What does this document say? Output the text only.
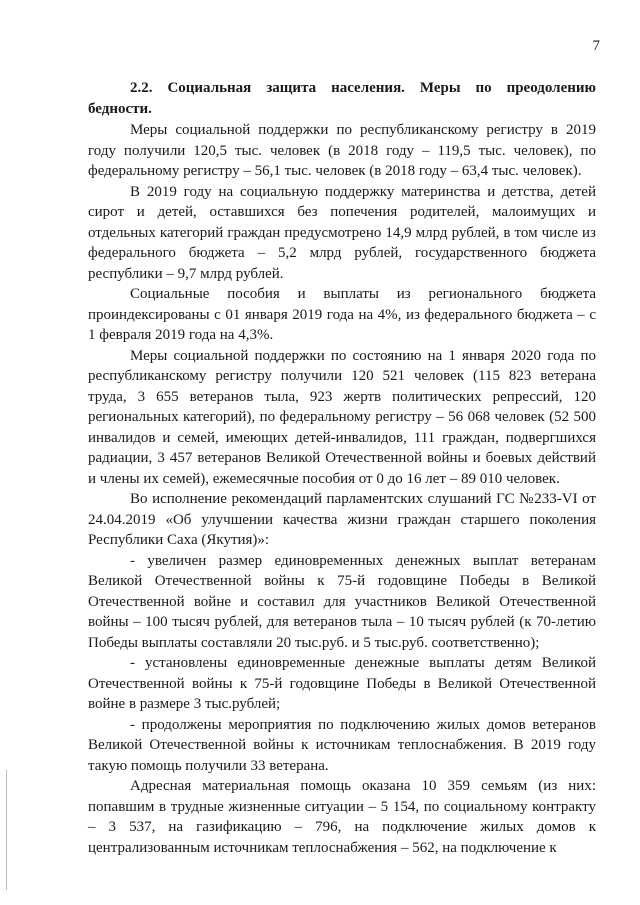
7

2.2. Социальная защита населения. Меры по преодолению бедности.

Меры социальной поддержки по республиканскому регистру в 2019 году получили 120,5 тыс. человек (в 2018 году – 119,5 тыс. человек), по федеральному регистру – 56,1 тыс. человек (в 2018 году – 63,4 тыс. человек).

В 2019 году на социальную поддержку материнства и детства, детей сирот и детей, оставшихся без попечения родителей, малоимущих и отдельных категорий граждан предусмотрено 14,9 млрд рублей, в том числе из федерального бюджета – 5,2 млрд рублей, государственного бюджета республики – 9,7 млрд рублей.

Социальные пособия и выплаты из регионального бюджета проиндексированы с 01 января 2019 года на 4%, из федерального бюджета – с 1 февраля 2019 года на 4,3%.

Меры социальной поддержки по состоянию на 1 января 2020 года по республиканскому регистру получили 120 521 человек (115 823 ветерана труда, 3 655 ветеранов тыла, 923 жертв политических репрессий, 120 региональных категорий), по федеральному регистру – 56 068 человек (52 500 инвалидов и семей, имеющих детей-инвалидов, 111 граждан, подвергшихся радиации, 3 457 ветеранов Великой Отечественной войны и боевых действий и члены их семей), ежемесячные пособия от 0 до 16 лет – 89 010 человек.

Во исполнение рекомендаций парламентских слушаний ГС №233-VI от 24.04.2019 «Об улучшении качества жизни граждан старшего поколения Республики Саха (Якутия)»:

- увеличен размер единовременных денежных выплат ветеранам Великой Отечественной войны к 75-й годовщине Победы в Великой Отечественной войне и составил для участников Великой Отечественной войны – 100 тысяч рублей, для ветеранов тыла – 10 тысяч рублей (к 70-летию Победы выплаты составляли 20 тыс.руб. и 5 тыс.руб. соответственно);

- установлены единовременные денежные выплаты детям Великой Отечественной войны к 75-й годовщине Победы в Великой Отечественной войне в размере 3 тыс.рублей;

- продолжены мероприятия по подключению жилых домов ветеранов Великой Отечественной войны к источникам теплоснабжения. В 2019 году такую помощь получили 33 ветерана.

Адресная материальная помощь оказана 10 359 семьям (из них: попавшим в трудные жизненные ситуации – 5 154, по социальному контракту – 3 537, на газификацию – 796, на подключение жилых домов к централизованным источникам теплоснабжения – 562, на подключение к
